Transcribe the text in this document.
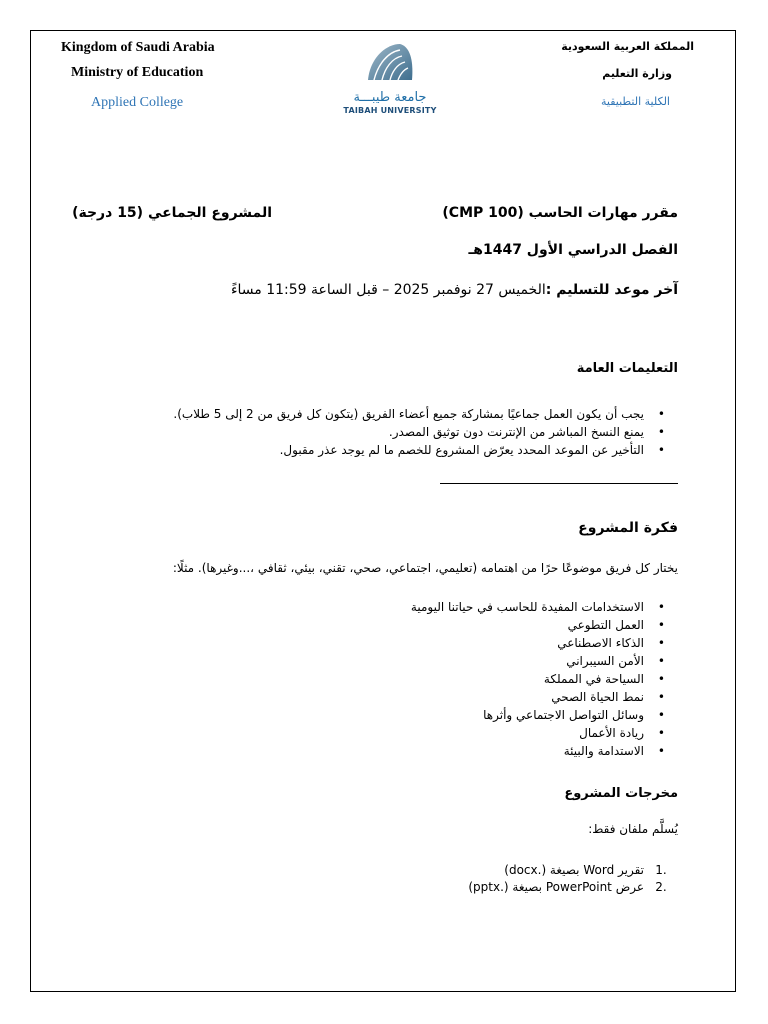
Kingdom of Saudi Arabia
Ministry of Education
Applied College	جامعة طيبـــة
TAIBAH UNIVERSITY
المملكة العربية السعودية
وزارة التعليم
الكلية التطبيقية
مقرر مهارات الحاسب (CMP 100)
المشروع الجماعي (15 درجة)
الفصل الدراسي الأول 1447هـ
آخر موعد للتسليم :الخميس 27 نوفمبر 2025 – قبل الساعة 11:59 مساءً
التعليمات العامة
• يجب أن يكون العمل جماعيًا بمشاركة جميع أعضاء الفريق (يتكون كل فريق من 2 إلى 5 طلاب).
• يمنع النسخ المباشر من الإنترنت دون توثيق المصدر.
• التأخير عن الموعد المحدد يعرّض المشروع للخصم ما لم يوجد عذر مقبول.
فكرة المشروع
يختار كل فريق موضوعًا حرًا من اهتمامه (تعليمي، اجتماعي، صحي، تقني، بيئي، ثقافي ،...وغيرها). مثلًا:
• الاستخدامات المفيدة للحاسب في حياتنا اليومية
• العمل التطوعي
• الذكاء الاصطناعي
• الأمن السيبراني
• السياحة في المملكة
• نمط الحياة الصحي
• وسائل التواصل الاجتماعي وأثرها
• ريادة الأعمال
• الاستدامة والبيئة
مخرجات المشروع
يُسلَّم ملفان فقط:
.1تقرير Word بصيغة (.docx)
.2عرض PowerPoint بصيغة (.pptx)
